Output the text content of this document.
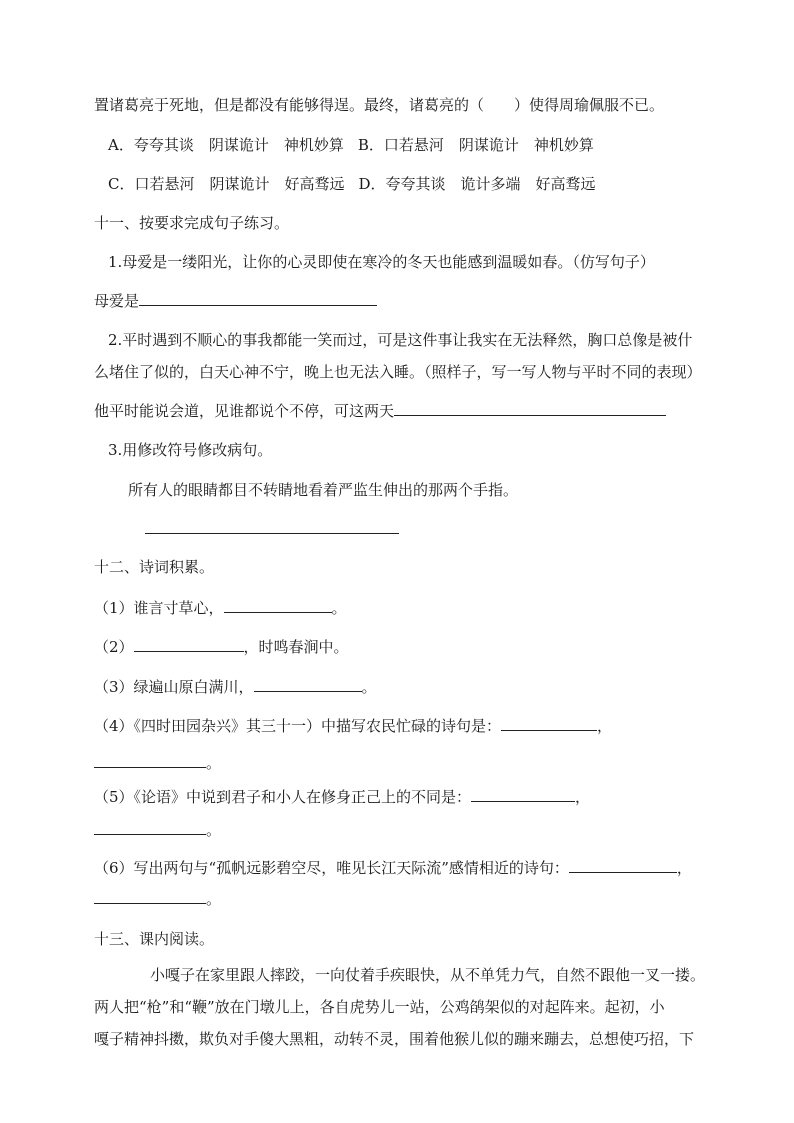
置诸葛亮于死地，但是都没有能够得逞。最终，诸葛亮的（　　）使得周瑜佩服不已。
A．夸夸其谈　阴谋诡计　神机妙算 B．口若悬河　阴谋诡计　神机妙算
C．口若悬河　阴谋诡计　好高骛远 D．夸夸其谈　诡计多端　好高骛远
十一、按要求完成句子练习。
1.母爱是一缕阳光，让你的心灵即使在寒冷的冬天也能感到温暖如春。（仿写句子）
母爱是
2.平时遇到不顺心的事我都能一笑而过，可是这件事让我实在无法释然，胸口总像是被什
么堵住了似的，白天心神不宁，晚上也无法入睡。（照样子，写一写人物与平时不同的表现）
他平时能说会道，见谁都说个不停，可这两天
3.用修改符号修改病句。
所有人的眼睛都目不转睛地看着严监生伸出的那两个手指。
十二、诗词积累。
（1）谁言寸草心，	。
（2）	，时鸣春涧中。
（3）绿遍山原白满川，	。
（4）《四时田园杂兴》其三十一）中描写农民忙碌的诗句是：	，
。
（5）《论语》中说到君子和小人在修身正己上的不同是：	，
。
（6）写出两句与“孤帆远影碧空尽，唯见长江天际流”感情相近的诗句：	，
。
十三、课内阅读。
小嘎子在家里跟人摔跤，一向仗着手疾眼快，从不单凭力气，自然不跟他一叉一搂。
两人把“枪”和“鞭”放在门墩儿上，各自虎势儿一站，公鸡鹐架似的对起阵来。起初，小
嘎子精神抖擞，欺负对手傻大黑粗，动转不灵，围着他猴儿似的蹦来蹦去，总想使巧招，下
